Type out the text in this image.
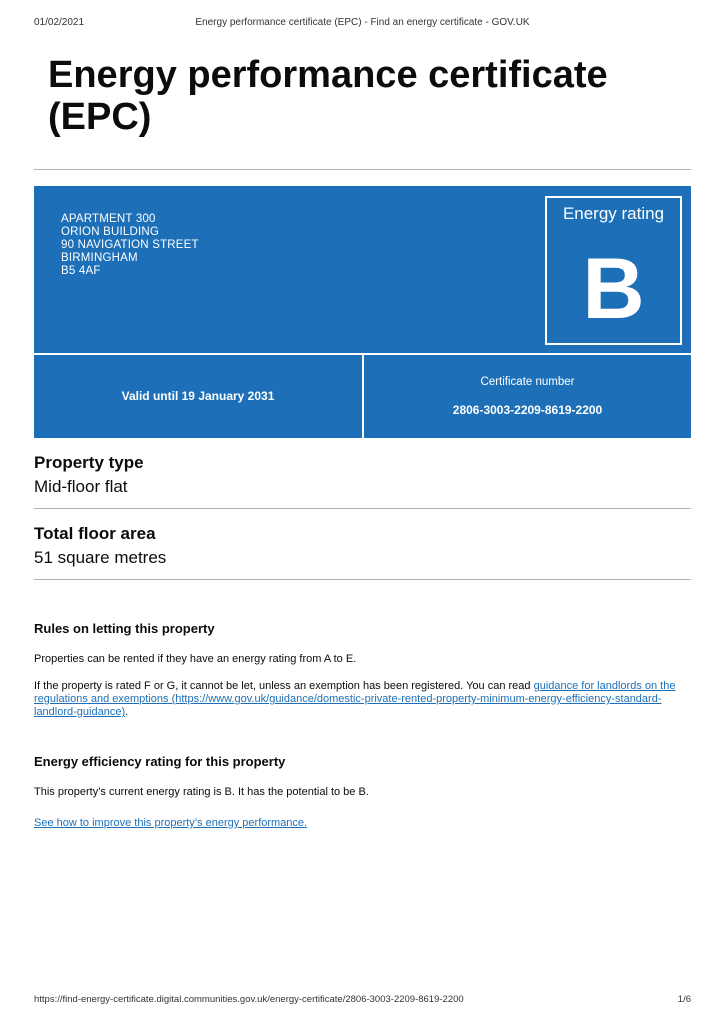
01/02/2021	Energy performance certificate (EPC) - Find an energy certificate - GOV.UK
Energy performance certificate (EPC)
APARTMENT 300
ORION BUILDING
90 NAVIGATION STREET
BIRMINGHAM
B5 4AF
Energy rating
B
Valid until 19 January 2031
Certificate number
2806-3003-2209-8619-2200
Property type
Mid-floor flat
Total floor area
51 square metres
Rules on letting this property
Properties can be rented if they have an energy rating from A to E.
If the property is rated F or G, it cannot be let, unless an exemption has been registered. You can read guidance for landlords on the regulations and exemptions (https://www.gov.uk/guidance/domestic-private-rented-property-minimum-energy-efficiency-standard-landlord-guidance).
Energy efficiency rating for this property
This property’s current energy rating is B. It has the potential to be B.
See how to improve this property’s energy performance.
https://find-energy-certificate.digital.communities.gov.uk/energy-certificate/2806-3003-2209-8619-2200	1/6
